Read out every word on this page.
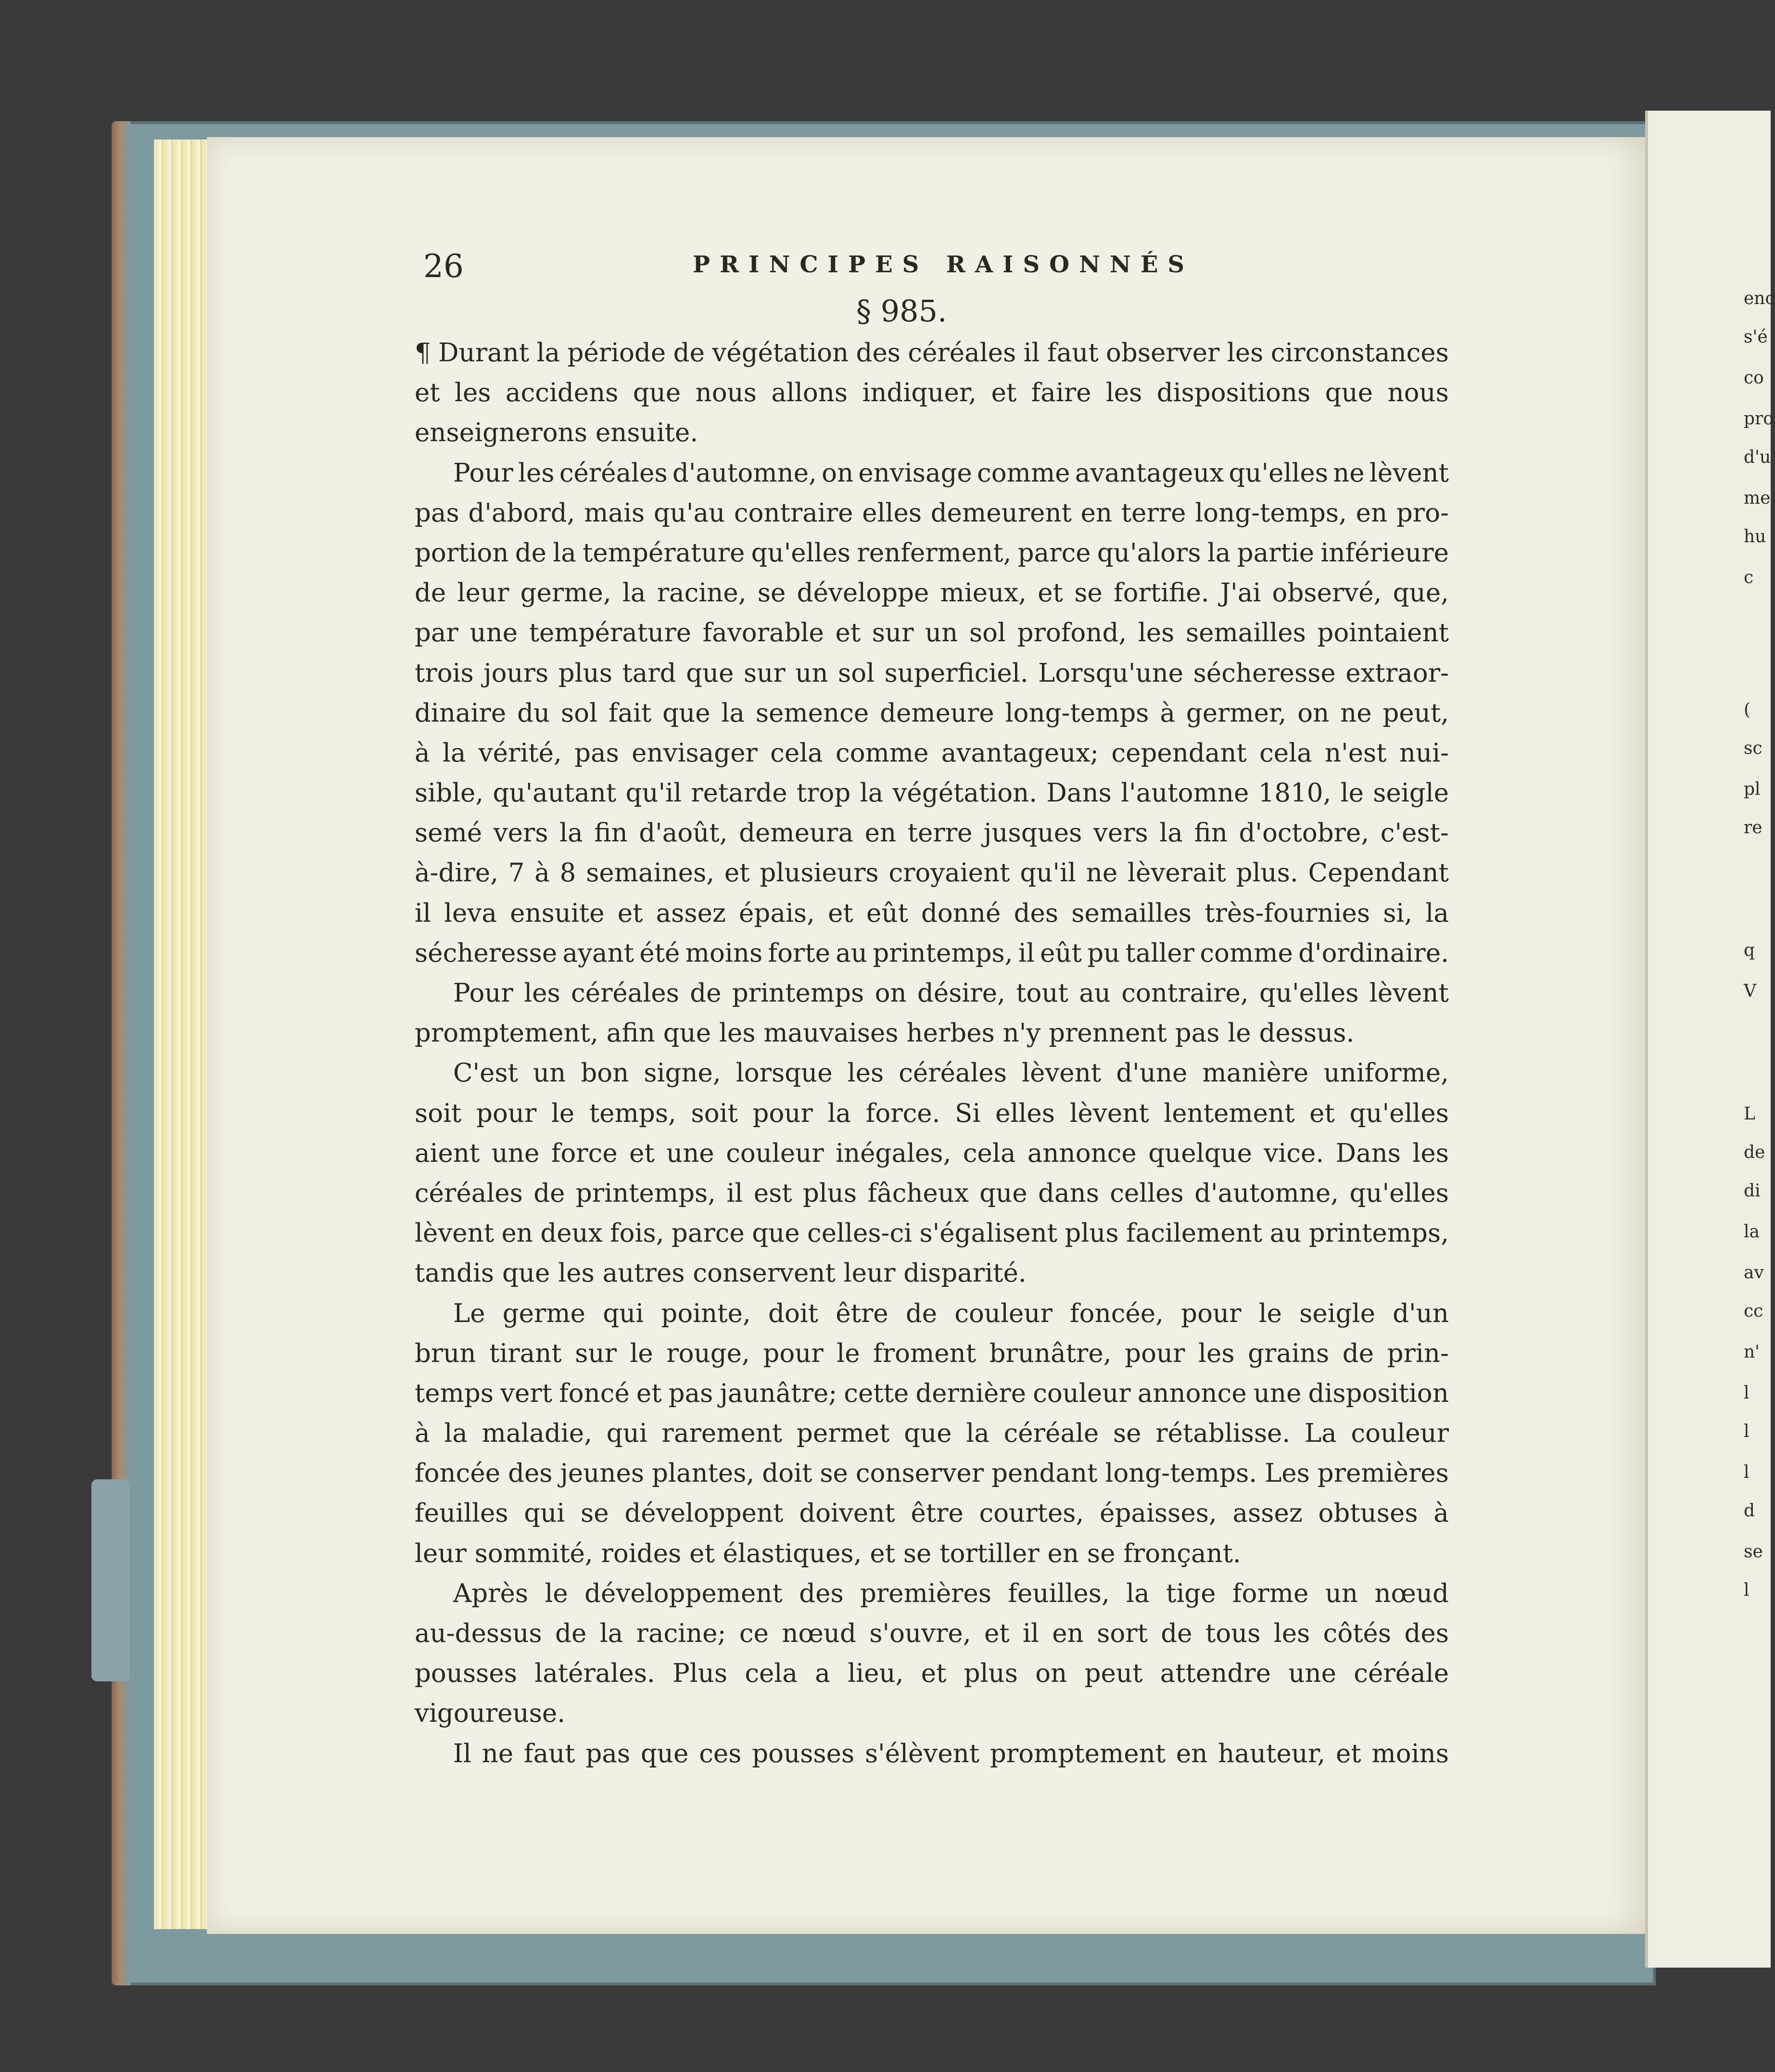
enc
s'é
co
pro
d'u
me
hu
c
(
sc
pl
re
q
V
L
de
di
la
av
cc
n'
l
l
l
d
se
l
26	PRINCIPES RAISONNÉS
§ 985.
¶ Durant la période de végétation des céréales il faut observer les circonstances
et les accidens que nous allons indiquer, et faire les dispositions que nous
enseignerons ensuite.
Pour les céréales d'automne, on envisage comme avantageux qu'elles ne lèvent
pas d'abord, mais qu'au contraire elles demeurent en terre long-temps, en pro-
portion de la température qu'elles renferment, parce qu'alors la partie inférieure
de leur germe, la racine, se développe mieux, et se fortifie. J'ai observé, que,
par une température favorable et sur un sol profond, les semailles pointaient
trois jours plus tard que sur un sol superficiel. Lorsqu'une sécheresse extraor-
dinaire du sol fait que la semence demeure long-temps à germer, on ne peut,
à la vérité, pas envisager cela comme avantageux; cependant cela n'est nui-
sible, qu'autant qu'il retarde trop la végétation. Dans l'automne 1810, le seigle
semé vers la fin d'août, demeura en terre jusques vers la fin d'octobre, c'est-
à-dire, 7 à 8 semaines, et plusieurs croyaient qu'il ne lèverait plus. Cependant
il leva ensuite et assez épais, et eût donné des semailles très-fournies si, la
sécheresse ayant été moins forte au printemps, il eût pu taller comme d'ordinaire.
Pour les céréales de printemps on désire, tout au contraire, qu'elles lèvent
promptement, afin que les mauvaises herbes n'y prennent pas le dessus.
C'est un bon signe, lorsque les céréales lèvent d'une manière uniforme,
soit pour le temps, soit pour la force. Si elles lèvent lentement et qu'elles
aient une force et une couleur inégales, cela annonce quelque vice. Dans les
céréales de printemps, il est plus fâcheux que dans celles d'automne, qu'elles
lèvent en deux fois, parce que celles-ci s'égalisent plus facilement au printemps,
tandis que les autres conservent leur disparité.
Le germe qui pointe, doit être de couleur foncée, pour le seigle d'un
brun tirant sur le rouge, pour le froment brunâtre, pour les grains de prin-
temps vert foncé et pas jaunâtre; cette dernière couleur annonce une disposition
à la maladie, qui rarement permet que la céréale se rétablisse. La couleur
foncée des jeunes plantes, doit se conserver pendant long-temps. Les premières
feuilles qui se développent doivent être courtes, épaisses, assez obtuses à
leur sommité, roides et élastiques, et se tortiller en se fronçant.
Après le développement des premières feuilles, la tige forme un nœud
au-dessus de la racine; ce nœud s'ouvre, et il en sort de tous les côtés des
pousses latérales. Plus cela a lieu, et plus on peut attendre une céréale
vigoureuse.
Il ne faut pas que ces pousses s'élèvent promptement en hauteur, et moins
